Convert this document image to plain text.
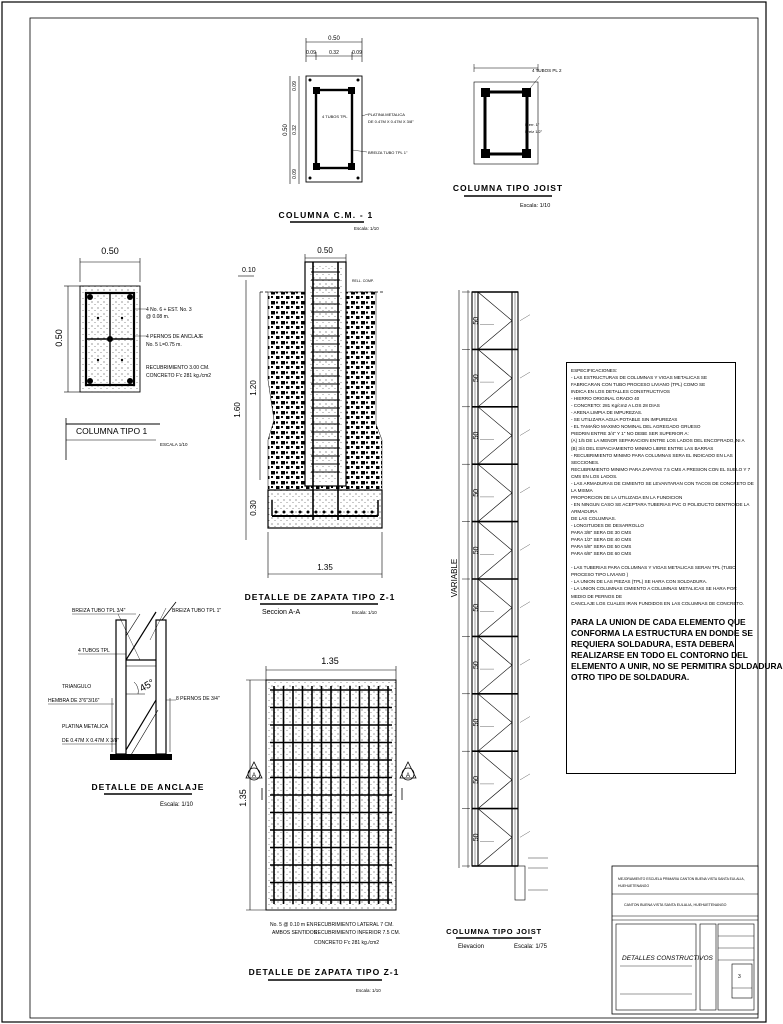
0.50
0.09	0.32	0.09
0.50
0.09
0.32
0.09
4 TUBOS TPL	PLATINA METALICA
DE 0.47M X 0.47M X 3/8"
BREIZA TUBO TPL 1"
COLUMNA C.M. - 1
Escala: 1/10
4 TUBOS PL 2
Hierr. 1"
Breiz 1/2"
COLUMNA TIPO JOIST
Escala: 1/10
0.50
0.50
4 No. 6 + EST. No. 3
@ 0.08 m.
4 PERNOS DE ANCLAJE
No. 5 L=0.75 m.
RECUBRIMIENTO 3.00 CM.
CONCRETO F'c 281 kg./cm2
COLUMNA TIPO 1
ESCALA 1/10
0.50
0.10
RELL. COMP.
1.60
1.20
0.30
1.35
DETALLE DE ZAPATA TIPO Z-1
Seccion A-A	Escala: 1/10
BREIZA TUBO TPL 3/4"	BREIZA TUBO TPL 1"
4 TUBOS TPL
TRIANGULO
HEMBRA DE 3"6"3/16"	8 PERNOS DE 3/4"
PLATINA METALICA
DE 0.47M X 0.47M X 3/8"
45°
DETALLE DE ANCLAJE
Escala: 1/10
1.35
1.35
A	A
No. 5 @ 0.10 m EN
AMBOS SENTIDOS
RECUBRIMIENTO LATERAL 7 CM.
RECUBRIMIENTO INFERIOR 7.5 CM.
CONCRETO F'c 281 kg./cm2
DETALLE DE ZAPATA TIPO Z-1
Escala: 1/10
VARIABLE
50
50
50
50
50
50
50
50
50
50
COLUMNA TIPO JOIST
Elevacion	Escala: 1/75
MEJORAMIENTO ESCUELA PRIMARIA CANTON BUENA VISTA SANTA EULALIA,
HUEHUETENANGO
CANTON BUENA VISTA SANTA EULALIA, HUEHUETENANGO
DETALLES CONSTRUCTIVOS
3
ESPECIFICACIONES:
- LAS ESTRUCTURAS DE COLUMNAS Y VIGAS METALICAS SE
FABRICARAN CON TUBO PROCESO LIVIANO (TPL) COMO SE
INDICA EN LOS DETALLES CONSTRUCTIVOS
- HIERRO ORIGINAL GRADO 40
- CONCRETO: 281 Kg/cm2 A LOS 28 DIAS
- ARENA LIMPIA DE IMPUREZAS.
- SE UTILIZARA AGUA POTABLE SIN IMPUREZAS
- EL TAMAÑO MAXIMO NOMINAL DEL AGREGADO GRUESO
PIEDRIN ENTRE 3/4" Y 1" NO DEBE SER SUPERIOR A:
(A) 1/5 DE LA MENOR SEPARACION ENTRE LOS LADOS DEL ENCOFRADO, NI A
(B) 3/4 DEL ESPACIAMIENTO MINIMO LIBRE ENTRE LAS BARRAS
- RECUBRIMIENTO MINIMO PARA COLUMNAS SERA EL INDICADO EN LAS
SECCIONES.
RECUBRIMIENTO MINIMO PARA ZAPATAS 7.5 CMS A PRESION CON EL SUELO Y 7
CMS EN LOS LADOS.
- LAS ARMADURAS DE CIMIENTO SE LEVANTARAN CON TACOS DE CONCRETO DE
LA MISMA
PROPORCION DE LA UTILIZADA EN LA FUNDICION
- EN NINGUN CASO SE ACEPTARA TUBERIAS PVC O POLIDUCTO DENTRO DE LA
ARMADURA
DE LAS COLUMNAS.
- LONGITUDES DE DESARROLLO
PARA 3/8" SERA DE 30 CMS
PARA 1/2" SERA DE 40 CMS
PARA 5/8" SERA DE 50 CMS
PARA 6/8" SERA DE 60 CMS

- LAS TUBERIAS PARA COLUMNAS Y VIGAS METALICAS SERAN TPL (TUBO
PROCESO TIPO LIVIANO )
- LA UNION DE LAS PIEZAS (TPL) SE HARA CON SOLDADURA.
- LA UNION COLUMNAS CIMIENTO A COLUMNAS METALICAS SE HARA POR
MEDIO DE PERNOS DE
CANCLAJE LOS CUALES IRAN FUNDIDOS EN LAS COLUMNAS DE CONCRETO.
PARA LA UNION DE CADA ELEMENTO QUE
CONFORMA LA ESTRUCTURA EN DONDE SE
REQUIERA SOLDADURA, ESTA DEBERA
REALIZARSE EN TODO EL CONTORNO DEL
ELEMENTO A UNIR, NO SE PERMITIRA SOLDADURA
OTRO TIPO DE SOLDADURA.
